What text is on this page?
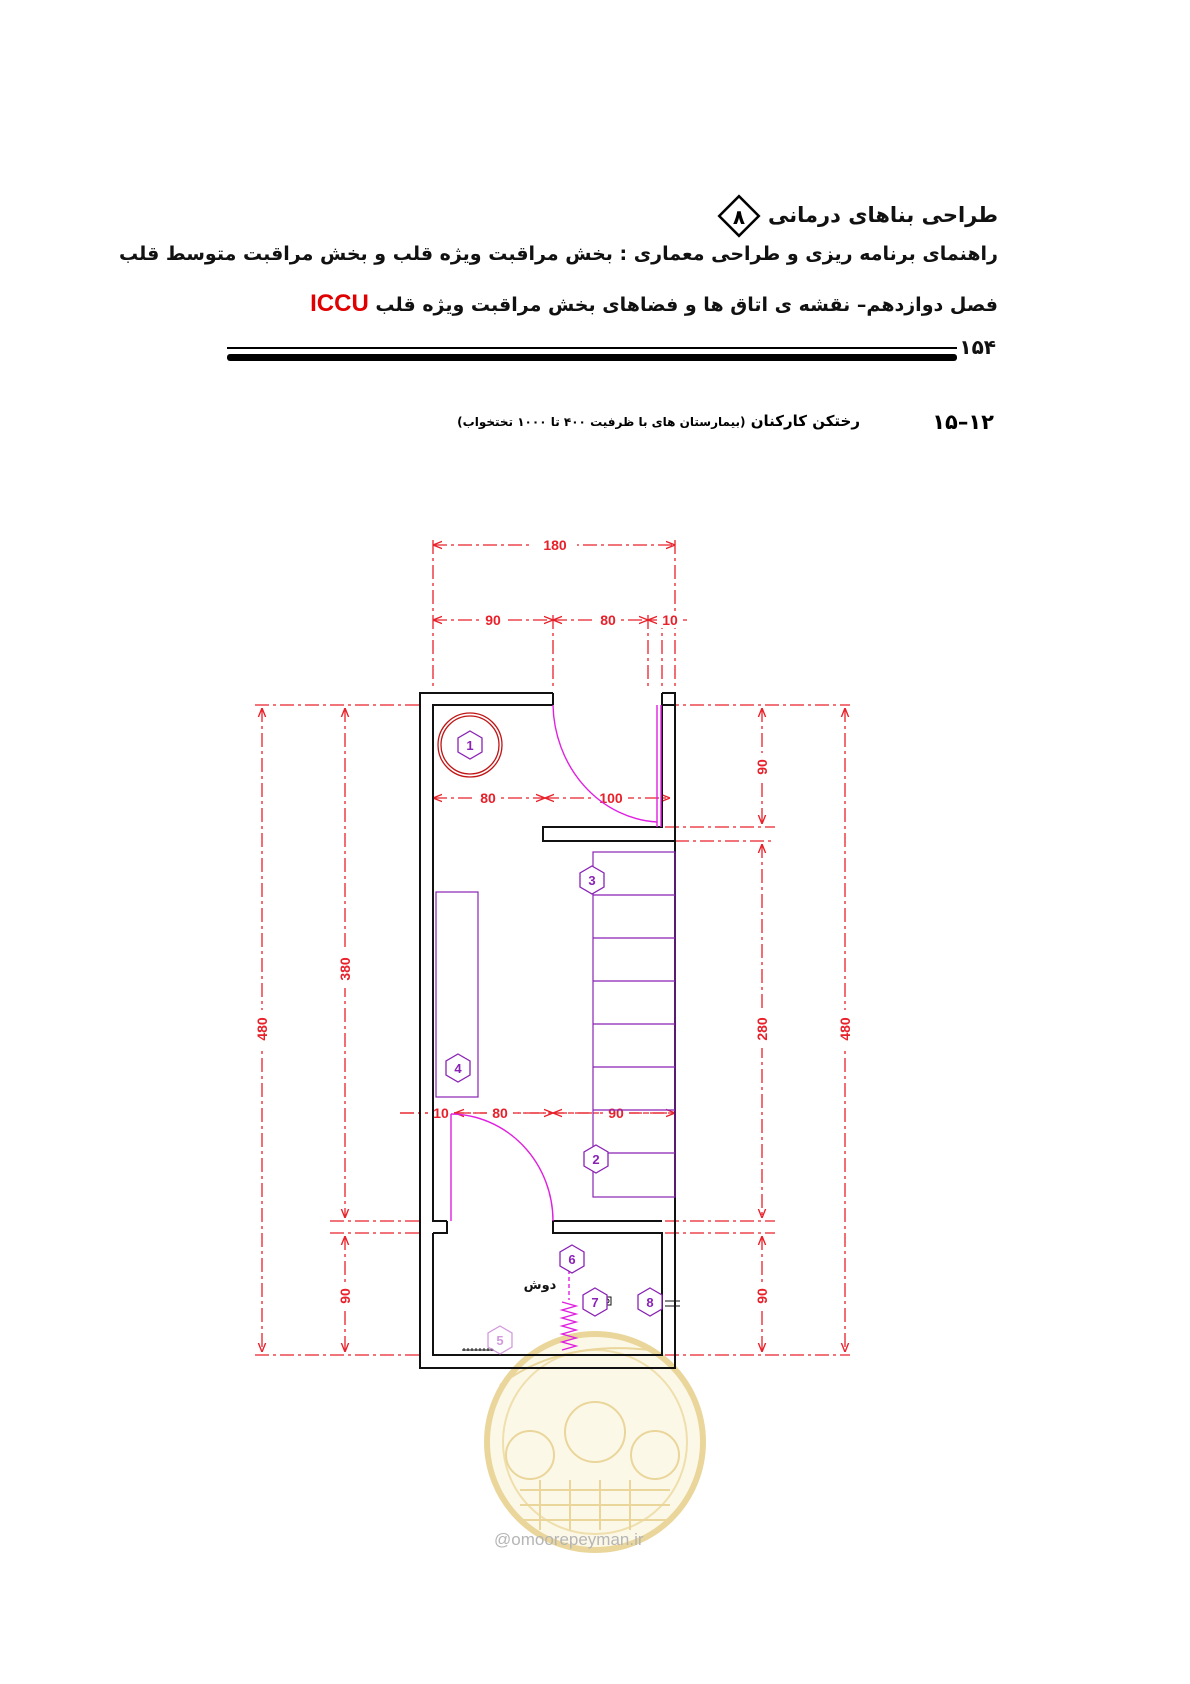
طراحی بناهای درمانی
۸
راهنمای برنامه ریزی و طراحی معماری : بخش مراقبت ویژه قلب و بخش مراقبت متوسط قلب
فصل دوازدهم– نقشه ی اتاق ها و فضاهای بخش مراقبت ویژه قلب ICCU
۱۵۴
۱۵–۱۲
رختکن کارکنان (بیمارستان های با ظرفیت ۴۰۰ تا ۱۰۰۰ تختخواب)
180
90	80	10
80	100
10	80	90
480
380
90
90
280	480
90
دوش
1
3
4
2
6
7	8
5
@omoorepeyman.ir
